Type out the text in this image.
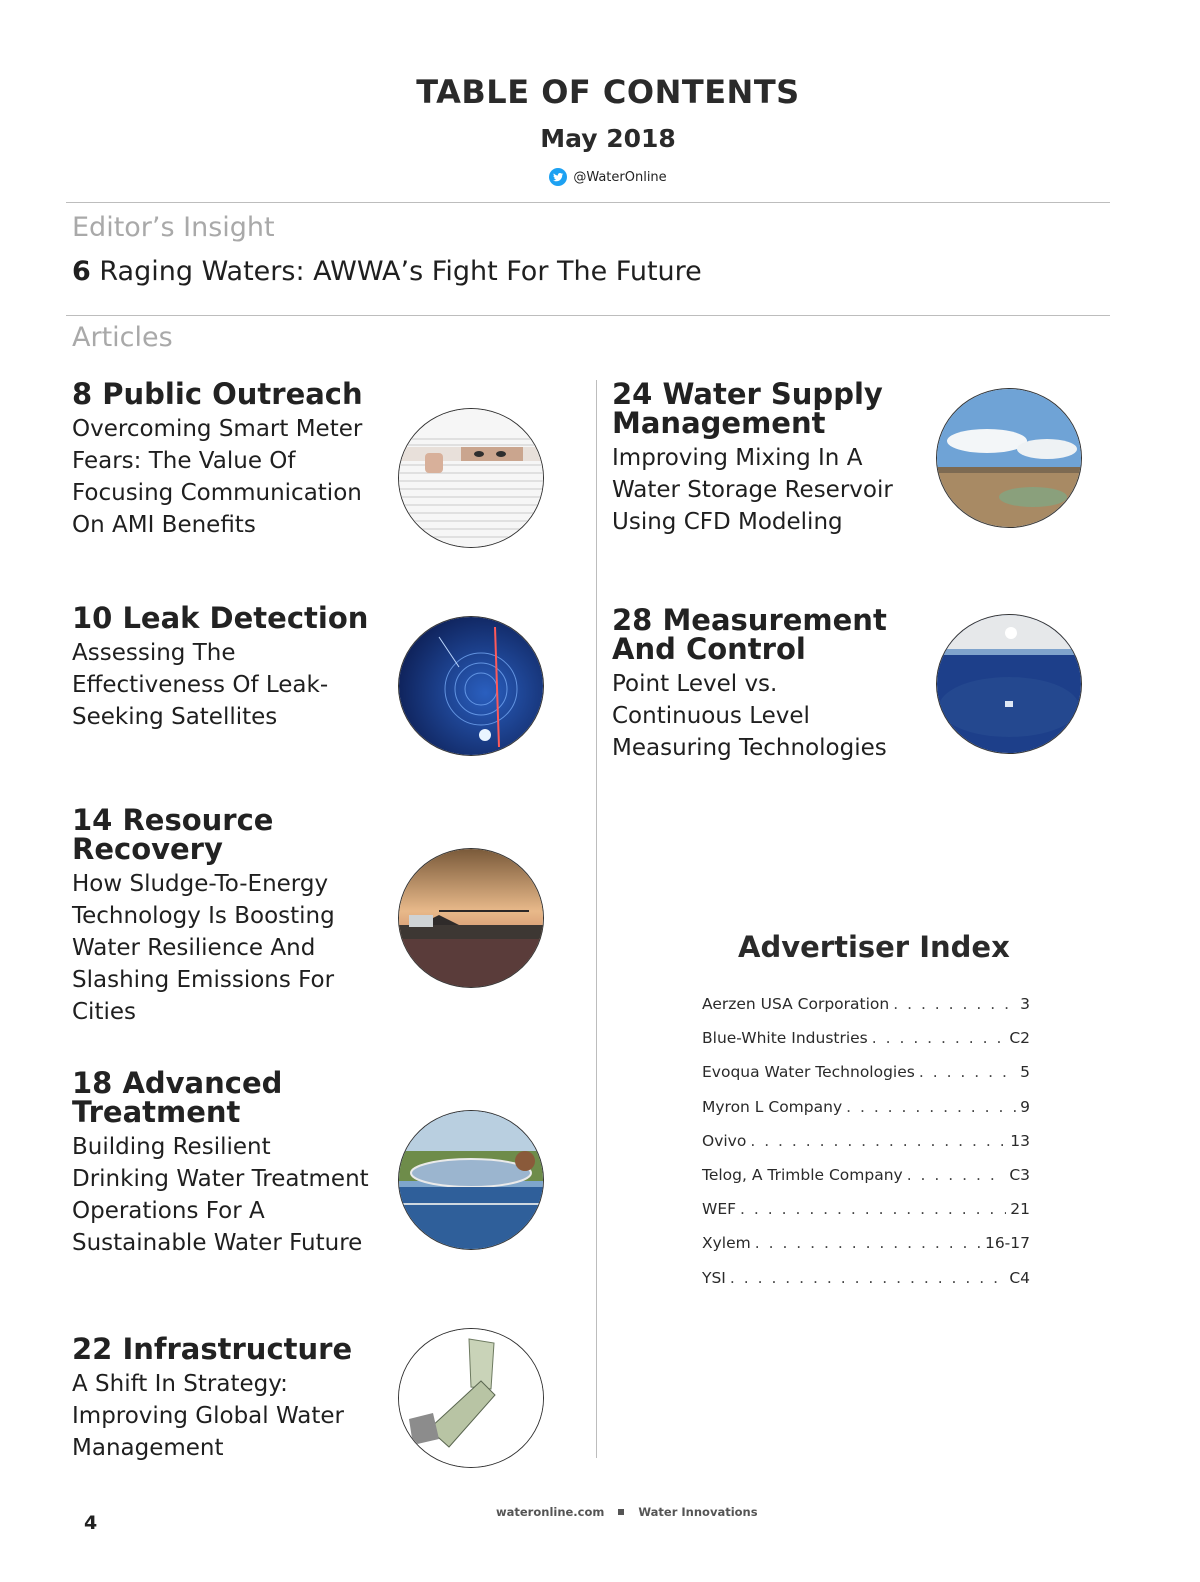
TABLE OF CONTENTS
May 2018
@WaterOnline
Editor’s Insight
6 Raging Waters: AWWA’s Fight For The Future
Articles
8 Public Outreach
Overcoming Smart Meter Fears: The Value Of Focusing Communication On AMI Benefits
10 Leak Detection
Assessing The Effectiveness Of Leak-Seeking Satellites
14 Resource Recovery
How Sludge-To-Energy Technology Is Boosting Water Resilience And Slashing Emissions For Cities
18 Advanced Treatment
Building Resilient Drinking Water Treatment Operations For A Sustainable Water Future
22 Infrastructure
A Shift In Strategy: Improving Global Water Management
24 Water Supply Management
Improving Mixing In A Water Storage Reservoir Using CFD Modeling
28 Measurement And Control
Point Level vs. Continuous Level Measuring Technologies
Advertiser Index
Aerzen USA Corporation . . .	3
Blue-White Industries . . .	C2
Evoqua Water Technologies . . .	5
Myron L Company . . .	9
Ovivo . . .	13
Telog, A Trimble Company . . .	C3
WEF . . .	21
Xylem . . .	16-17
YSI . . .	C4
wateronline.com	Water Innovations
4
